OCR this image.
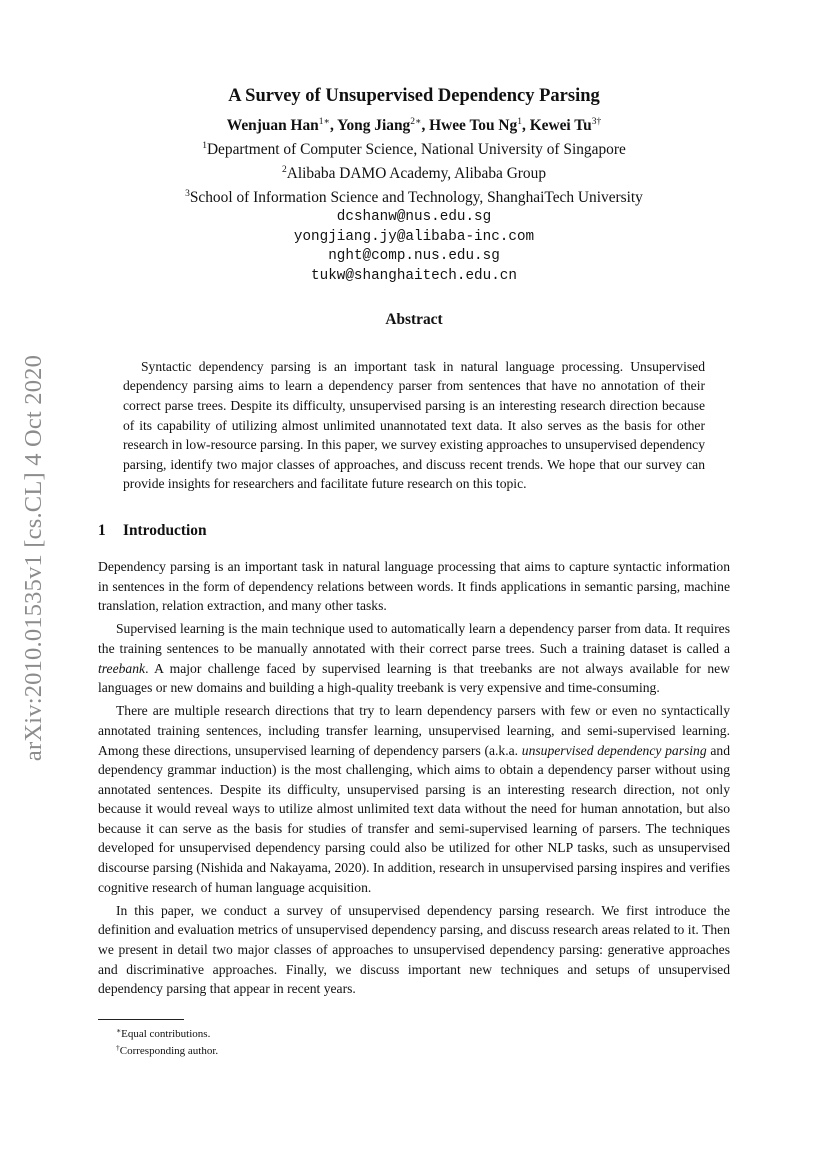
arXiv:2010.01535v1 [cs.CL] 4 Oct 2020
A Survey of Unsupervised Dependency Parsing
Wenjuan Han$^{1∗}$, Yong Jiang$^{2∗}$, Hwee Tou Ng$^1$, Kewei $Tu^{3\dagger}$
$^1$Department of Computer Science, National University of Singapore
$^2$Alibaba DAMO Academy, Alibaba Group
$^3$School of Information Science and Technology, ShanghaiTech University
dcshanw@nus.edu.sg
yongjiang.jy@alibaba-inc.com
nght@comp.nus.edu.sg
tukw@shanghaitech.edu.cn
Abstract
Syntactic dependency parsing is an important task in natural language processing. Unsupervised dependency parsing aims to learn a dependency parser from sentences that have no annotation of their correct parse trees. Despite its difficulty, unsupervised parsing is an interesting research direction because of its capability of utilizing almost unlimited unannotated text data. It also serves as the basis for other research in low-resource parsing. In this paper, we survey existing approaches to unsupervised dependency parsing, identify two major classes of approaches, and discuss recent trends. We hope that our survey can provide insights for researchers and facilitate future research on this topic.
1 Introduction

Dependency parsing is an important task in natural language processing that aims to capture syntactic information in sentences in the form of dependency relations between words. It finds applications in semantic parsing, machine translation, relation extraction, and many other tasks.

Supervised learning is the main technique used to automatically learn a dependency parser from data. It requires the training sentences to be manually annotated with their correct parse trees. Such a training dataset is called a treebank. A major challenge faced by supervised learning is that treebanks are not always available for new languages or new domains and building a high-quality treebank is very expensive and time-consuming.

There are multiple research directions that try to learn dependency parsers with few or even no syntactically annotated training sentences, including transfer learning, unsupervised learning, and semi-supervised learning. Among these directions, unsupervised learning of dependency parsers (a.k.a. unsupervised dependency parsing and dependency grammar induction) is the most challenging, which aims to obtain a dependency parser without using annotated sentences. Despite its difficulty, unsupervised parsing is an interesting research direction, not only because it would reveal ways to utilize almost unlimited text data without the need for human annotation, but also because it can serve as the basis for studies of transfer and semi-supervised learning of parsers. The techniques developed for unsupervised dependency parsing could also be utilized for other NLP tasks, such as unsupervised discourse parsing (Nishida and Nakayama, 2020). In addition, research in unsupervised parsing inspires and verifies cognitive research of human language acquisition.

In this paper, we conduct a survey of unsupervised dependency parsing research. We first introduce the definition and evaluation metrics of unsupervised dependency parsing, and discuss research areas related to it. Then we present in detail two major classes of approaches to unsupervised dependency parsing: generative approaches and discriminative approaches. Finally, we discuss important new techniques and setups of unsupervised dependency parsing that appear in recent years.

∗Equal contributions.
†Corresponding author.
